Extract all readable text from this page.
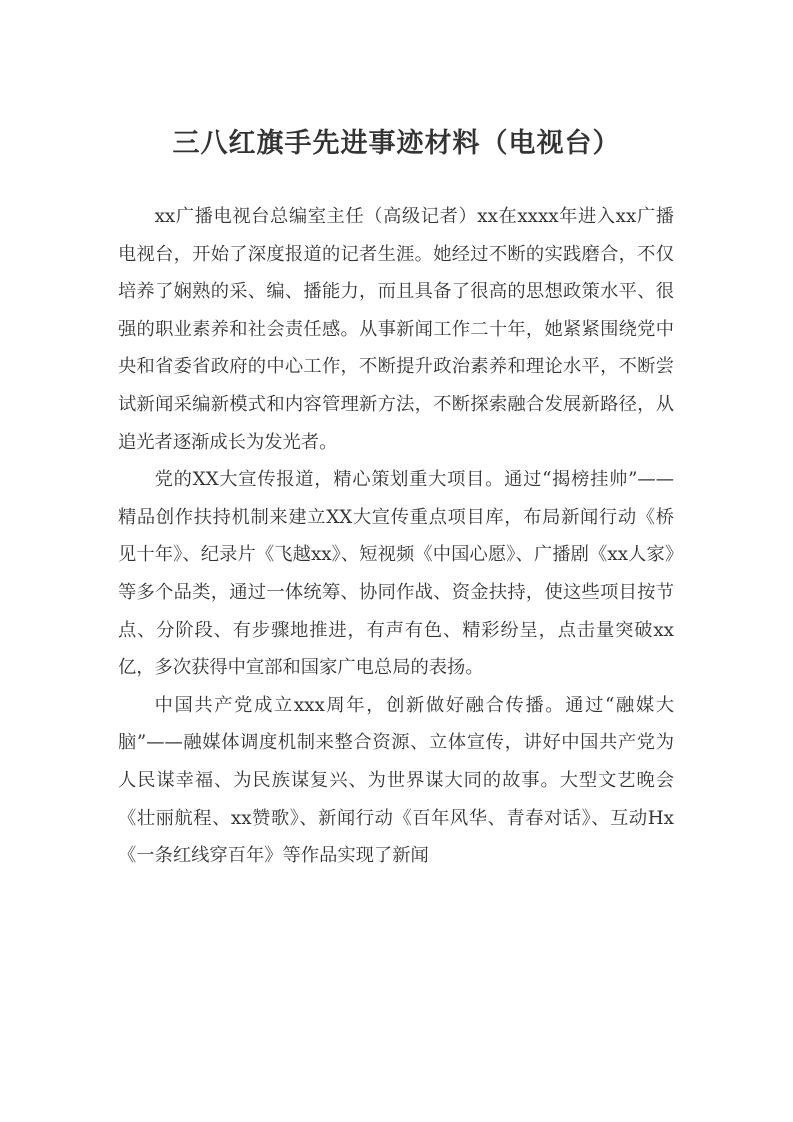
三八红旗手先进事迹材料（电视台）

xx广播电视台总编室主任（高级记者）xx在xxxx年进入xx广播电视台，开始了深度报道的记者生涯。她经过不断的实践磨合，不仅培养了娴熟的采、编、播能力，而且具备了很高的思想政策水平、很强的职业素养和社会责任感。从事新闻工作二十年，她紧紧围绕党中央和省委省政府的中心工作，不断提升政治素养和理论水平，不断尝试新闻采编新模式和内容管理新方法，不断探索融合发展新路径，从追光者逐渐成长为发光者。

党的XX大宣传报道，精心策划重大项目。通过“揭榜挂帅”——精品创作扶持机制来建立XX大宣传重点项目库，布局新闻行动《桥见十年》、纪录片《飞越xx》、短视频《中国心愿》、广播剧《xx人家》等多个品类，通过一体统筹、协同作战、资金扶持，使这些项目按节点、分阶段、有步骤地推进，有声有色、精彩纷呈，点击量突破xx亿，多次获得中宣部和国家广电总局的表扬。

中国共产党成立xxx周年，创新做好融合传播。通过“融媒大脑”——融媒体调度机制来整合资源、立体宣传，讲好中国共产党为人民谋幸福、为民族谋复兴、为世界谋大同的故事。大型文艺晚会《壮丽航程、xx赞歌》、新闻行动《百年风华、青春对话》、互动Hx《一条红线穿百年》等作品实现了新闻
